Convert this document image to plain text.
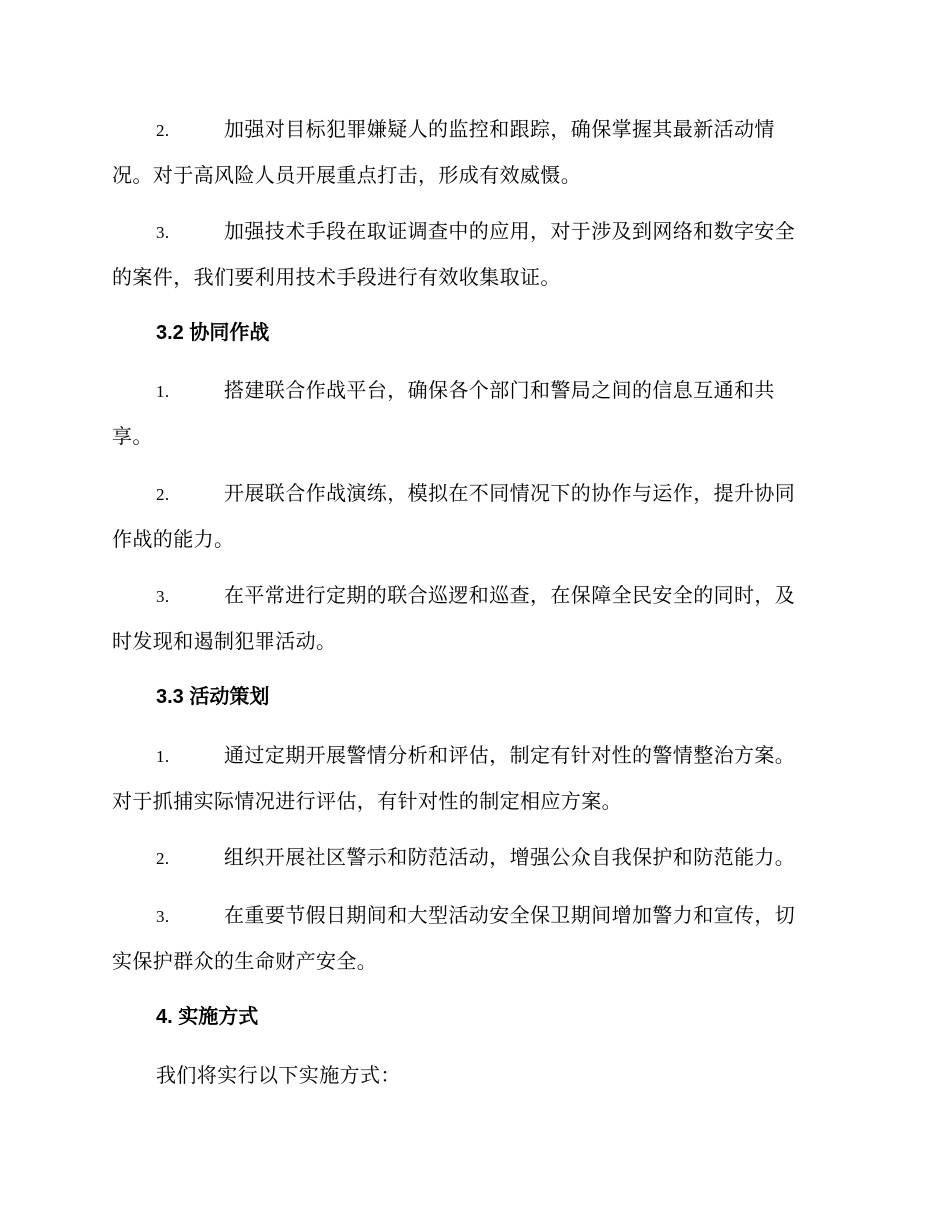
2.	加强对目标犯罪嫌疑人的监控和跟踪，确保掌握其最新活动情
况。对于高风险人员开展重点打击，形成有效威慑。
3.	加强技术手段在取证调查中的应用，对于涉及到网络和数字安全
的案件，我们要利用技术手段进行有效收集取证。
3.2 协同作战
1.	搭建联合作战平台，确保各个部门和警局之间的信息互通和共
享。
2.	开展联合作战演练，模拟在不同情况下的协作与运作，提升协同
作战的能力。
3.	在平常进行定期的联合巡逻和巡查，在保障全民安全的同时，及
时发现和遏制犯罪活动。
3.3 活动策划
1.	通过定期开展警情分析和评估，制定有针对性的警情整治方案。
对于抓捕实际情况进行评估，有针对性的制定相应方案。
2.	组织开展社区警示和防范活动，增强公众自我保护和防范能力。
3.	在重要节假日期间和大型活动安全保卫期间增加警力和宣传，切
实保护群众的生命财产安全。
4. 实施方式
我们将实行以下实施方式：
